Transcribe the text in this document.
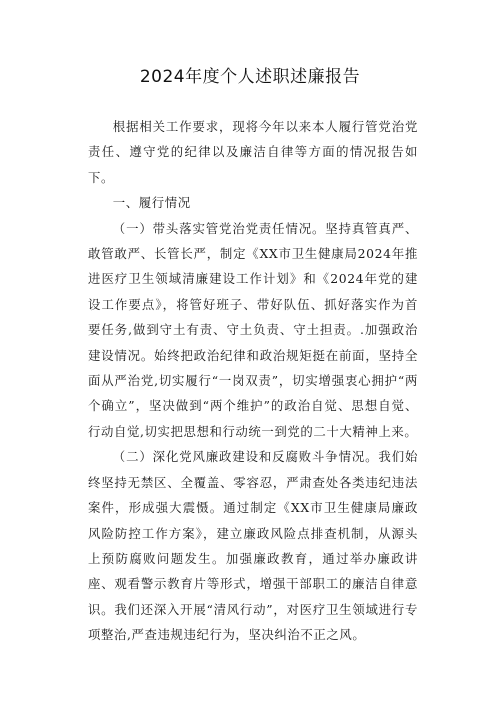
2024年度个人述职述廉报告

根据相关工作要求，现将今年以来本人履行管党治党责任、遵守党的纪律以及廉洁自律等方面的情况报告如下。

一、履行情况

（一）带头落实管党治党责任情况。坚持真管真严、敢管敢严、长管长严，制定《XX市卫生健康局2024年推进医疗卫生领域清廉建设工作计划》和《2024年党的建设工作要点》，将管好班子、带好队伍、抓好落实作为首要任务,做到守土有责、守土负责、守土担责。.加强政治建设情况。始终把政治纪律和政治规矩挺在前面，坚持全面从严治党,切实履行“一岗双责”，切实增强衷心拥护“两个确立”，坚决做到“两个维护”的政治自觉、思想自觉、行动自觉,切实把思想和行动统一到党的二十大精神上来。

（二）深化党风廉政建设和反腐败斗争情况。我们始终坚持无禁区、全覆盖、零容忍，严肃查处各类违纪违法案件，形成强大震慑。通过制定《XX市卫生健康局廉政风险防控工作方案》，建立廉政风险点排查机制，从源头上预防腐败问题发生。加强廉政教育，通过举办廉政讲座、观看警示教育片等形式，增强干部职工的廉洁自律意识。我们还深入开展“清风行动”，对医疗卫生领域进行专项整治,严查违规违纪行为，坚决纠治不正之风。
